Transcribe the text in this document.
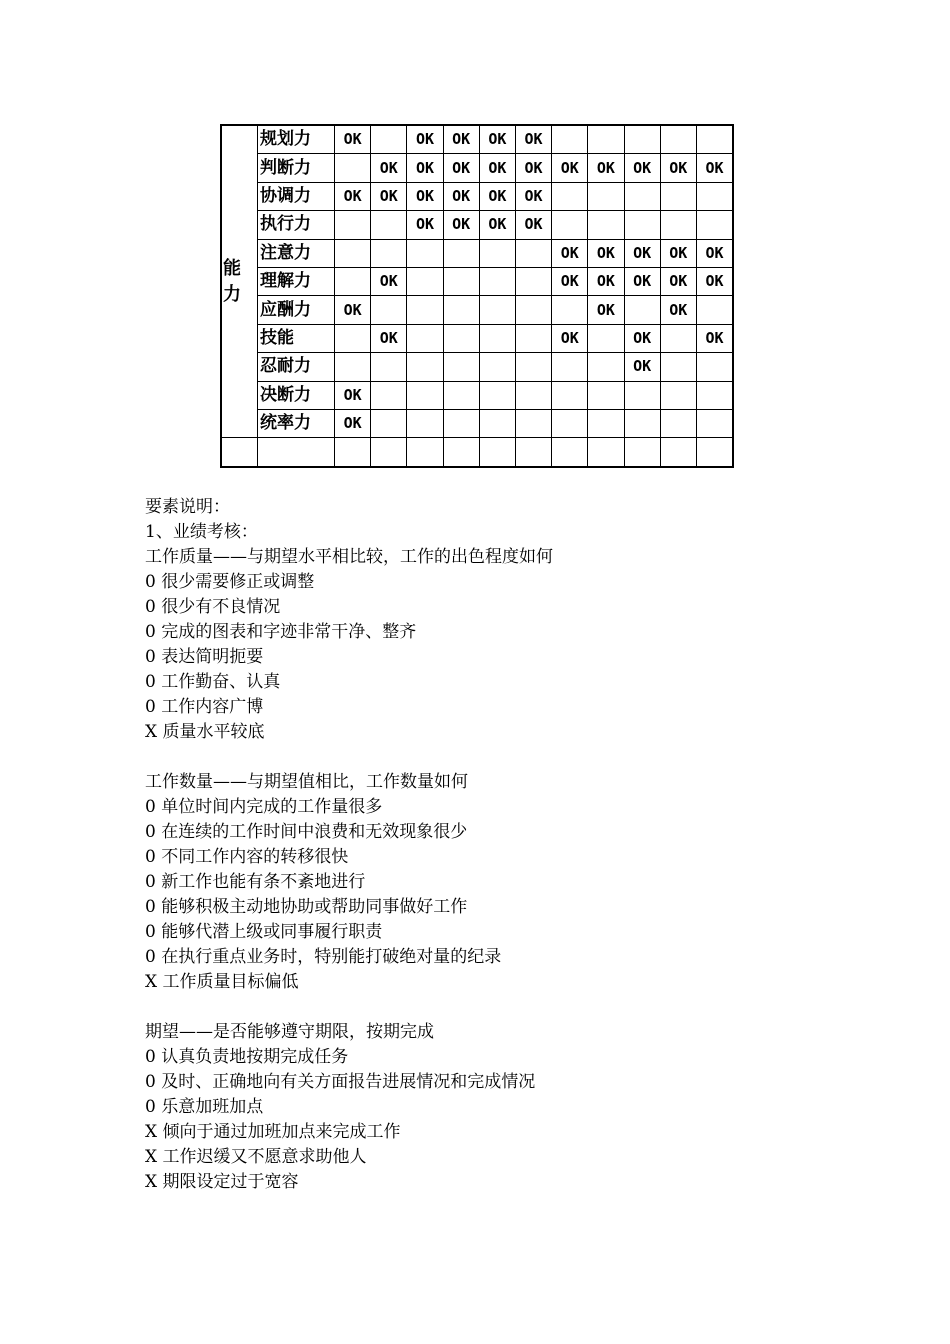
能力	规划力	OK		OK	OK	OK	OK					
	判断力		OK	OK	OK	OK	OK	OK	OK	OK	OK	OK
	协调力	OK	OK	OK	OK	OK	OK					
	执行力			OK	OK	OK	OK					
	注意力							OK	OK	OK	OK	OK
	理解力		OK					OK	OK	OK	OK	OK
	应酬力	OK							OK		OK	
	技能		OK					OK		OK		OK
	忍耐力									OK		
	决断力	OK										
	统率力	OK										

要素说明：
1、业绩考核：
工作质量——与期望水平相比较，工作的出色程度如何
0 很少需要修正或调整
0 很少有不良情况
0 完成的图表和字迹非常干净、整齐
0 表达简明扼要
0 工作勤奋、认真
0 工作内容广博
X 质量水平较底
工作数量——与期望值相比，工作数量如何
0 单位时间内完成的工作量很多
0 在连续的工作时间中浪费和无效现象很少
0 不同工作内容的转移很快
0 新工作也能有条不紊地进行
0 能够积极主动地协助或帮助同事做好工作
0 能够代潜上级或同事履行职责
0 在执行重点业务时，特别能打破绝对量的纪录
X 工作质量目标偏低
期望——是否能够遵守期限，按期完成
0 认真负责地按期完成任务
0 及时、正确地向有关方面报告进展情况和完成情况
0 乐意加班加点
X 倾向于通过加班加点来完成工作
X 工作迟缓又不愿意求助他人
X 期限设定过于宽容
